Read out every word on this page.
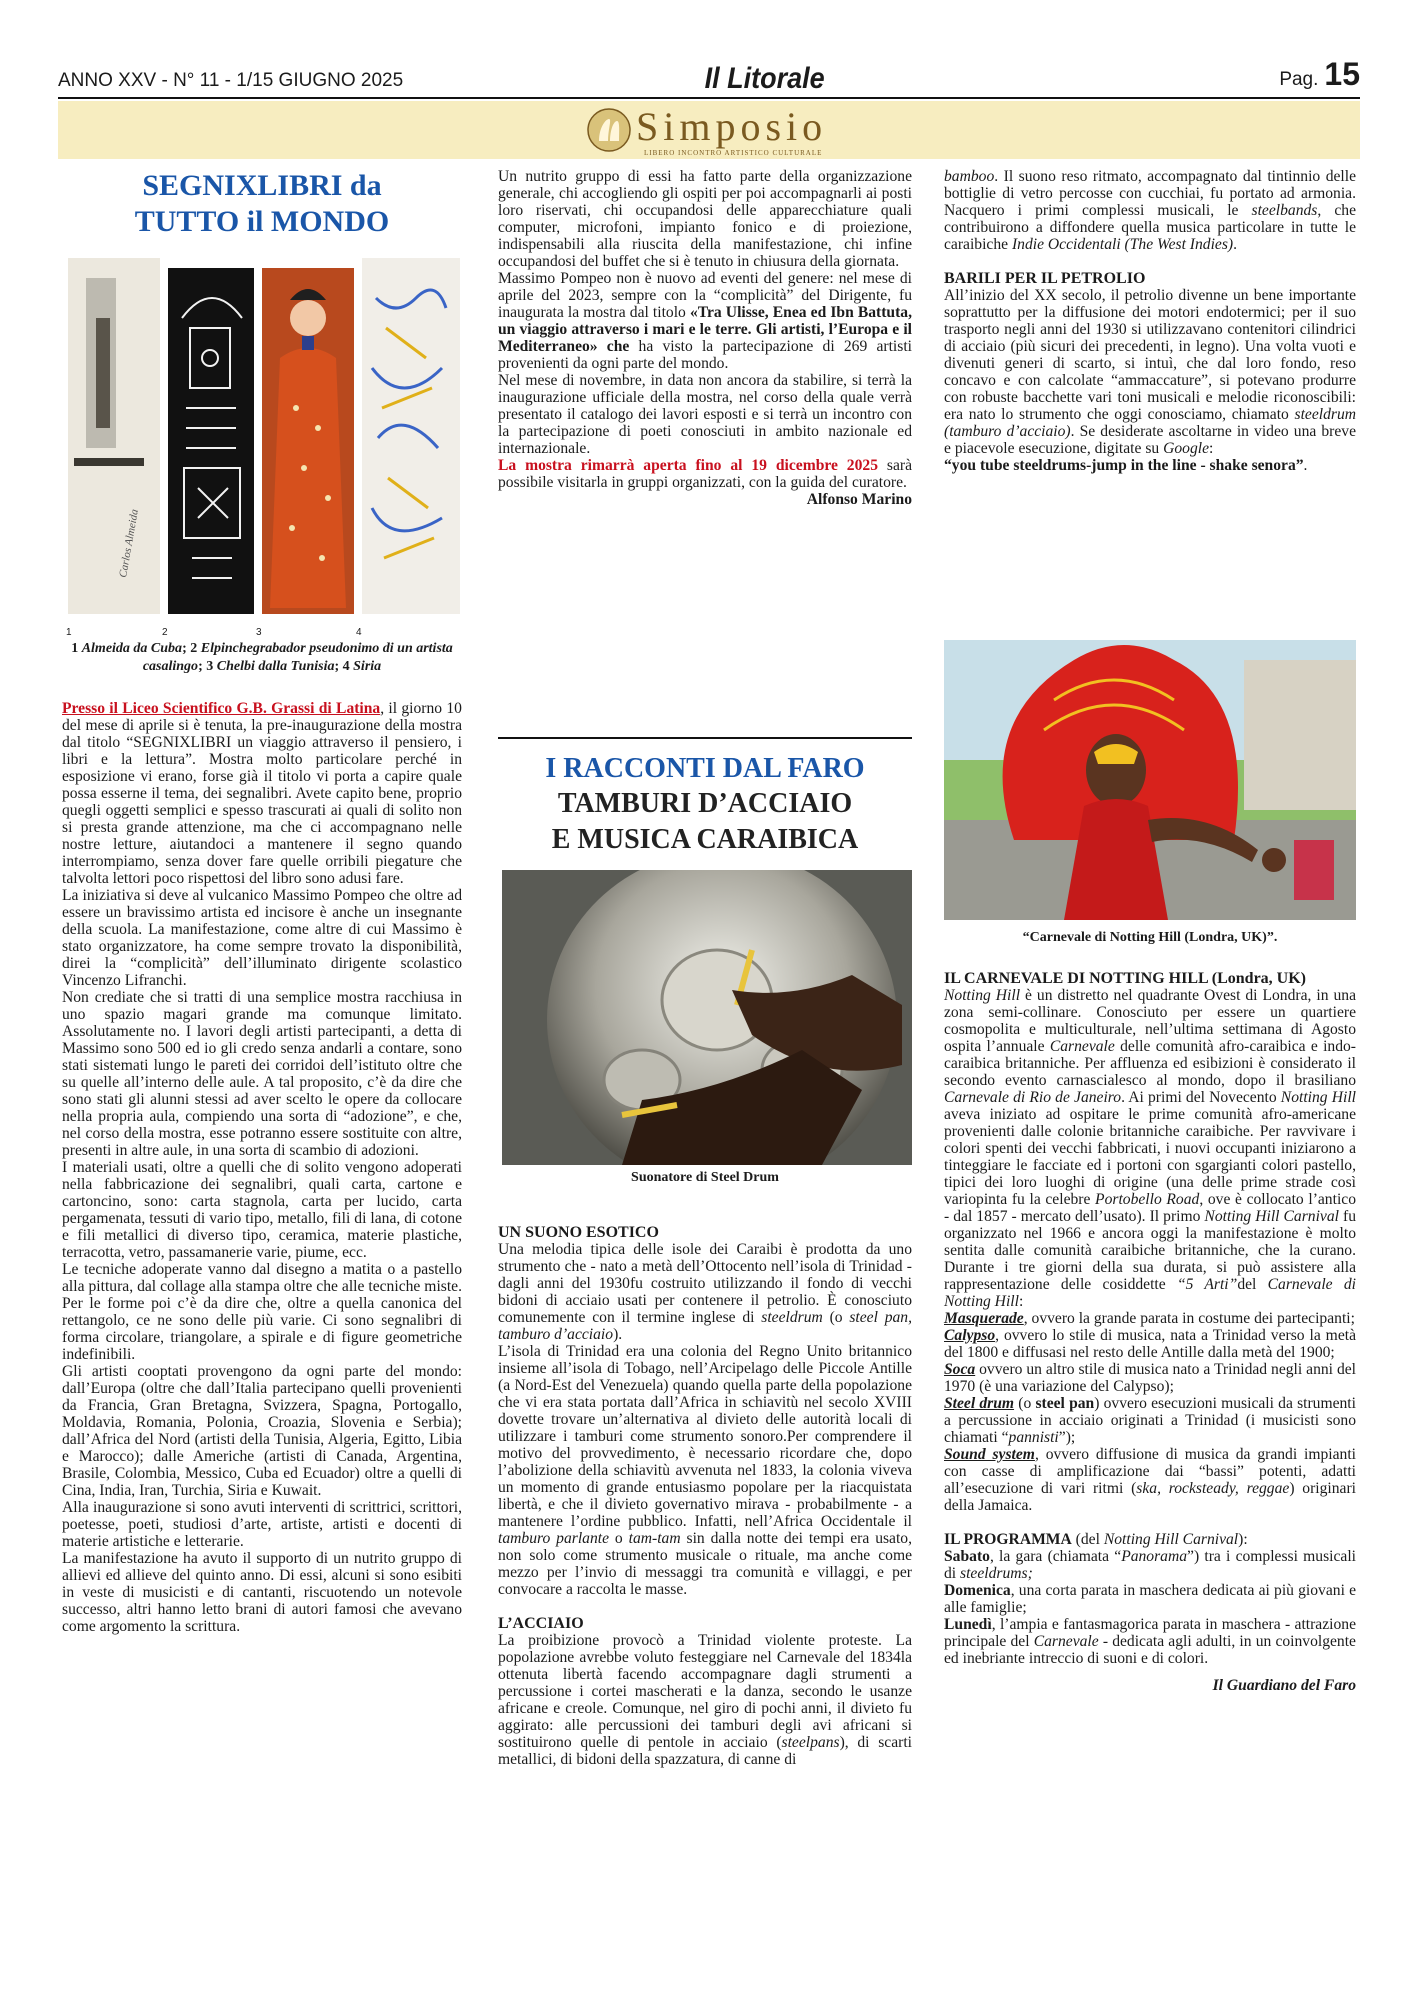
ANNO XXV - N° 11 - 1/15 GIUGNO 2025	Il Litorale	Pag. 15
Simposio
LIBERO INCONTRO ARTISTICO CULTURALE
SEGNIXLIBRI da
TUTTO il MONDO
Carlos Almeida
1	2	3	4
1 Almeida da Cuba; 2 Elpinchegrabador pseudonimo di un artista casalingo; 3 Chelbi dalla Tunisia; 4 Siria

Presso il Liceo Scientifico G.B. Grassi di Latina, il giorno 10 del mese di aprile si è tenuta, la pre-inaugurazione della mostra dal titolo “SEGNIXLIBRI un viaggio attraverso il pensiero, i libri e la lettura”. Mostra molto particolare perché in esposizione vi erano, forse già il titolo vi porta a capire quale possa esserne il tema, dei segnalibri. Avete capito bene, proprio quegli oggetti semplici e spesso trascurati ai quali di solito non si presta grande attenzione, ma che ci accompagnano nelle nostre letture, aiutandoci a mantenere il segno quando interrompiamo, senza dover fare quelle orribili piegature che talvolta lettori poco rispettosi del libro sono adusi fare.

La iniziativa si deve al vulcanico Massimo Pompeo che oltre ad essere un bravissimo artista ed incisore è anche un insegnante della scuola. La manifestazione, come altre di cui Massimo è stato organizzatore, ha come sempre trovato la disponibilità, direi la “complicità” dell’illuminato dirigente scolastico Vincenzo Lifranchi.

Non crediate che si tratti di una semplice mostra racchiusa in uno spazio magari grande ma comunque limitato. Assolutamente no. I lavori degli artisti partecipanti, a detta di Massimo sono 500 ed io gli credo senza andarli a contare, sono stati sistemati lungo le pareti dei corridoi dell’istituto oltre che su quelle all’interno delle aule. A tal proposito, c’è da dire che sono stati gli alunni stessi ad aver scelto le opere da collocare nella propria aula, compiendo una sorta di “adozione”, e che, nel corso della mostra, esse potranno essere sostituite con altre, presenti in altre aule, in una sorta di scambio di adozioni.

I materiali usati, oltre a quelli che di solito vengono adoperati nella fabbricazione dei segnalibri, quali carta, cartone e cartoncino, sono: carta stagnola, carta per lucido, carta pergamenata, tessuti di vario tipo, metallo, fili di lana, di cotone e fili metallici di diverso tipo, ceramica, materie plastiche, terracotta, vetro, passamanerie varie, piume, ecc.

Le tecniche adoperate vanno dal disegno a matita o a pastello alla pittura, dal collage alla stampa oltre che alle tecniche miste. Per le forme poi c’è da dire che, oltre a quella canonica del rettangolo, ce ne sono delle più varie. Ci sono segnalibri di forma circolare, triangolare, a spirale e di figure geometriche indefinibili.

Gli artisti cooptati provengono da ogni parte del mondo: dall’Europa (oltre che dall’Italia partecipano quelli provenienti da Francia, Gran Bretagna, Svizzera, Spagna, Portogallo, Moldavia, Romania, Polonia, Croazia, Slovenia e Serbia); dall’Africa del Nord (artisti della Tunisia, Algeria, Egitto, Libia e Marocco); dalle Americhe (artisti di Canada, Argentina, Brasile, Colombia, Messico, Cuba ed Ecuador) oltre a quelli di Cina, India, Iran, Turchia, Siria e Kuwait.

Alla inaugurazione si sono avuti interventi di scrittrici, scrittori, poetesse, poeti, studiosi d’arte, artiste, artisti e docenti di materie artistiche e letterarie.

La manifestazione ha avuto il supporto di un nutrito gruppo di allievi ed allieve del quinto anno. Di essi, alcuni si sono esibiti in veste di musicisti e di cantanti, riscuotendo un notevole successo, altri hanno letto brani di autori famosi che avevano come argomento la scrittura.

Un nutrito gruppo di essi ha fatto parte della organizzazione generale, chi accogliendo gli ospiti per poi accompagnarli ai posti loro riservati, chi occupandosi delle apparecchiature quali computer, microfoni, impianto fonico e di proiezione, indispensabili alla riuscita della manifestazione, chi infine occupandosi del buffet che si è tenuto in chiusura della giornata.

Massimo Pompeo non è nuovo ad eventi del genere: nel mese di aprile del 2023, sempre con la “complicità” del Dirigente, fu inaugurata la mostra dal titolo «Tra Ulisse, Enea ed Ibn Battuta, un viaggio attraverso i mari e le terre. Gli artisti, l’Europa e il Mediterraneo» che ha visto la partecipazione di 269 artisti provenienti da ogni parte del mondo.

Nel mese di novembre, in data non ancora da stabilire, si terrà la inaugurazione ufficiale della mostra, nel corso della quale verrà presentato il catalogo dei lavori esposti e si terrà un incontro con la partecipazione di poeti conosciuti in ambito nazionale ed internazionale.

La mostra rimarrà aperta fino al 19 dicembre 2025 sarà possibile visitarla in gruppi organizzati, con la guida del curatore.

Alfonso Marino

I RACCONTI DAL FARO
TAMBURI D’ACCIAIO
E MUSICA CARAIBICA
Suonatore di Steel Drum
UN SUONO ESOTICO

Una melodia tipica delle isole dei Caraibi è prodotta da uno strumento che - nato a metà dell’Ottocento nell’isola di Trinidad - dagli anni del 1930fu costruito utilizzando il fondo di vecchi bidoni di acciaio usati per contenere il petrolio. È conosciuto comunemente con il termine inglese di steeldrum (o steel pan, tamburo d’acciaio).

L’isola di Trinidad era una colonia del Regno Unito britannico insieme all’isola di Tobago, nell’Arcipelago delle Piccole Antille (a Nord-Est del Venezuela) quando quella parte della popolazione che vi era stata portata dall’Africa in schiavitù nel secolo XVIII dovette trovare un’alternativa al divieto delle autorità locali di utilizzare i tamburi come strumento sonoro.Per comprendere il motivo del provvedimento, è necessario ricordare che, dopo l’abolizione della schiavitù avvenuta nel 1833, la colonia viveva un momento di grande entusiasmo popolare per la riacquistata libertà, e che il divieto governativo mirava - probabilmente - a mantenere l’ordine pubblico. Infatti, nell’Africa Occidentale il tamburo parlante o tam-tam sin dalla notte dei tempi era usato, non solo come strumento musicale o rituale, ma anche come mezzo per l’invio di messaggi tra comunità e villaggi, e per convocare a raccolta le masse.

L’ACCIAIO

La proibizione provocò a Trinidad violente proteste. La popolazione avrebbe voluto festeggiare nel Carnevale del 1834la ottenuta libertà facendo accompagnare dagli strumenti a percussione i cortei mascherati e la danza, secondo le usanze africane e creole. Comunque, nel giro di pochi anni, il divieto fu aggirato: alle percussioni dei tamburi degli avi africani si sostituirono quelle di pentole in acciaio (steelpans), di scarti metallici, di bidoni della spazzatura, di canne di

bamboo. Il suono reso ritmato, accompagnato dal tintinnio delle bottiglie di vetro percosse con cucchiai, fu portato ad armonia. Nacquero i primi complessi musicali, le steelbands, che contribuirono a diffondere quella musica particolare in tutte le caraibiche Indie Occidentali (The West Indies).

BARILI PER IL PETROLIO

All’inizio del XX secolo, il petrolio divenne un bene importante soprattutto per la diffusione dei motori endotermici; per il suo trasporto negli anni del 1930 si utilizzavano contenitori cilindrici di acciaio (più sicuri dei precedenti, in legno). Una volta vuoti e divenuti generi di scarto, si intuì, che dal loro fondo, reso concavo e con calcolate “ammaccature”, si potevano produrre con robuste bacchette vari toni musicali e melodie riconoscibili: era nato lo strumento che oggi conosciamo, chiamato steeldrum (tamburo d’acciaio). Se desiderate ascoltarne in video una breve e piacevole esecuzione, digitate su Google:

“you tube steeldrums-jump in the line - shake senora”.

“Carnevale di Notting Hill (Londra, UK)”.
IL CARNEVALE DI NOTTING HILL (Londra, UK)

Notting Hill è un distretto nel quadrante Ovest di Londra, in una zona semi-collinare. Conosciuto per essere un quartiere cosmopolita e multiculturale, nell’ultima settimana di Agosto ospita l’annuale Carnevale delle comunità afro-caraibica e indo-caraibica britanniche. Per affluenza ed esibizioni è considerato il secondo evento carnascialesco al mondo, dopo il brasiliano Carnevale di Rio de Janeiro. Ai primi del Novecento Notting Hill aveva iniziato ad ospitare le prime comunità afro-americane provenienti dalle colonie britanniche caraibiche. Per ravvivare i colori spenti dei vecchi fabbricati, i nuovi occupanti iniziarono a tinteggiare le facciate ed i portoni con sgargianti colori pastello, tipici dei loro luoghi di origine (una delle prime strade così variopinta fu la celebre Portobello Road, ove è collocato l’antico - dal 1857 - mercato dell’usato). Il primo Notting Hill Carnival fu organizzato nel 1966 e ancora oggi la manifestazione è molto sentita dalle comunità caraibiche britanniche, che la curano. Durante i tre giorni della sua durata, si può assistere alla rappresentazione delle cosiddette “5 Arti”del Carnevale di Notting Hill:

Masquerade, ovvero la grande parata in costume dei partecipanti;

Calypso, ovvero lo stile di musica, nata a Trinidad verso la metà del 1800 e diffusasi nel resto delle Antille dalla metà del 1900;

Soca ovvero un altro stile di musica nato a Trinidad negli anni del 1970 (è una variazione del Calypso);

Steel drum (o steel pan) ovvero esecuzioni musicali da strumenti a percussione in acciaio originati a Trinidad (i musicisti sono chiamati “pannisti”);

Sound system, ovvero diffusione di musica da grandi impianti con casse di amplificazione dai “bassi” potenti, adatti all’esecuzione di vari ritmi (ska, rocksteady, reggae) originari della Jamaica.

IL PROGRAMMA (del Notting Hill Carnival):

Sabato, la gara (chiamata “Panorama”) tra i complessi musicali di steeldrums;

Domenica, una corta parata in maschera dedicata ai più giovani e alle famiglie;

Lunedì, l’ampia e fantasmagorica parata in maschera - attrazione principale del Carnevale - dedicata agli adulti, in un coinvolgente ed inebriante intreccio di suoni e di colori.

Il Guardiano del Faro
